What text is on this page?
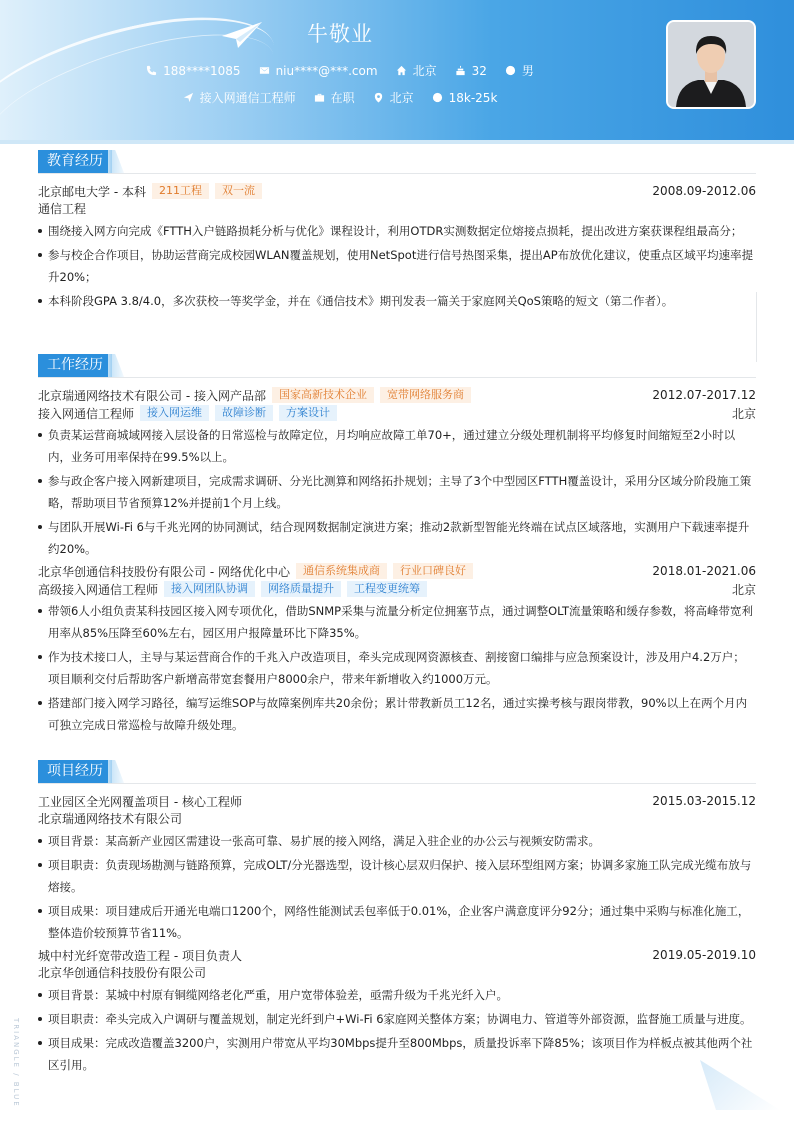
牛敬业
188****1085	niu****@***.com	北京	32	男
接入网通信工程师	在职	北京	18k-25k
教育经历
北京邮电大学 - 本科	211工程	双一流	2008.09-2012.06
通信工程
围绕接入网方向完成《FTTH入户链路损耗分析与优化》课程设计，利用OTDR实测数据定位熔接点损耗，提出改进方案获课程组最高分；
参与校企合作项目，协助运营商完成校园WLAN覆盖规划，使用NetSpot进行信号热图采集，提出AP布放优化建议，使重点区域平均速率提升20%；
本科阶段GPA 3.8/4.0，多次获校一等奖学金，并在《通信技术》期刊发表一篇关于家庭网关QoS策略的短文（第二作者）。
工作经历
北京瑞通网络技术有限公司 - 接入网产品部	国家高新技术企业	宽带网络服务商	2012.07-2017.12
接入网通信工程师	接入网运维	故障诊断	方案设计	北京
负责某运营商城域网接入层设备的日常巡检与故障定位，月均响应故障工单70+，通过建立分级处理机制将平均修复时间缩短至2小时以内，业务可用率保持在99.5%以上。
参与政企客户接入网新建项目，完成需求调研、分光比测算和网络拓扑规划；主导了3个中型园区FTTH覆盖设计，采用分区域分阶段施工策略，帮助项目节省预算12%并提前1个月上线。
与团队开展Wi-Fi 6与千兆光网的协同测试，结合现网数据制定演进方案；推动2款新型智能光终端在试点区域落地，实测用户下载速率提升约20%。
北京华创通信科技股份有限公司 - 网络优化中心	通信系统集成商	行业口碑良好	2018.01-2021.06
高级接入网通信工程师	接入网团队协调	网络质量提升	工程变更统筹	北京
带领6人小组负责某科技园区接入网专项优化，借助SNMP采集与流量分析定位拥塞节点，通过调整OLT流量策略和缓存参数，将高峰带宽利用率从85%压降至60%左右，园区用户报障量环比下降35%。
作为技术接口人，主导与某运营商合作的千兆入户改造项目，牵头完成现网资源核查、割接窗口编排与应急预案设计，涉及用户4.2万户；项目顺利交付后帮助客户新增高带宽套餐用户8000余户，带来年新增收入约1000万元。
搭建部门接入网学习路径，编写运维SOP与故障案例库共20余份；累计带教新员工12名，通过实操考核与跟岗带教，90%以上在两个月内可独立完成日常巡检与故障升级处理。
项目经历
工业园区全光网覆盖项目 - 核心工程师	2015.03-2015.12
北京瑞通网络技术有限公司
项目背景：某高新产业园区需建设一张高可靠、易扩展的接入网络，满足入驻企业的办公云与视频安防需求。
项目职责：负责现场勘测与链路预算，完成OLT/分光器选型，设计核心层双归保护、接入层环型组网方案；协调多家施工队完成光缆布放与熔接。
项目成果：项目建成后开通光电端口1200个，网络性能测试丢包率低于0.01%，企业客户满意度评分92分；通过集中采购与标准化施工，整体造价较预算节省11%。
城中村光纤宽带改造工程 - 项目负责人	2019.05-2019.10
北京华创通信科技股份有限公司
项目背景：某城中村原有铜缆网络老化严重，用户宽带体验差，亟需升级为千兆光纤入户。
项目职责：牵头完成入户调研与覆盖规划，制定光纤到户+Wi-Fi 6家庭网关整体方案；协调电力、管道等外部资源，监督施工质量与进度。
项目成果：完成改造覆盖3200户，实测用户带宽从平均30Mbps提升至800Mbps，质量投诉率下降85%；该项目作为样板点被其他两个社区引用。
TRIANGLE / BLUE
